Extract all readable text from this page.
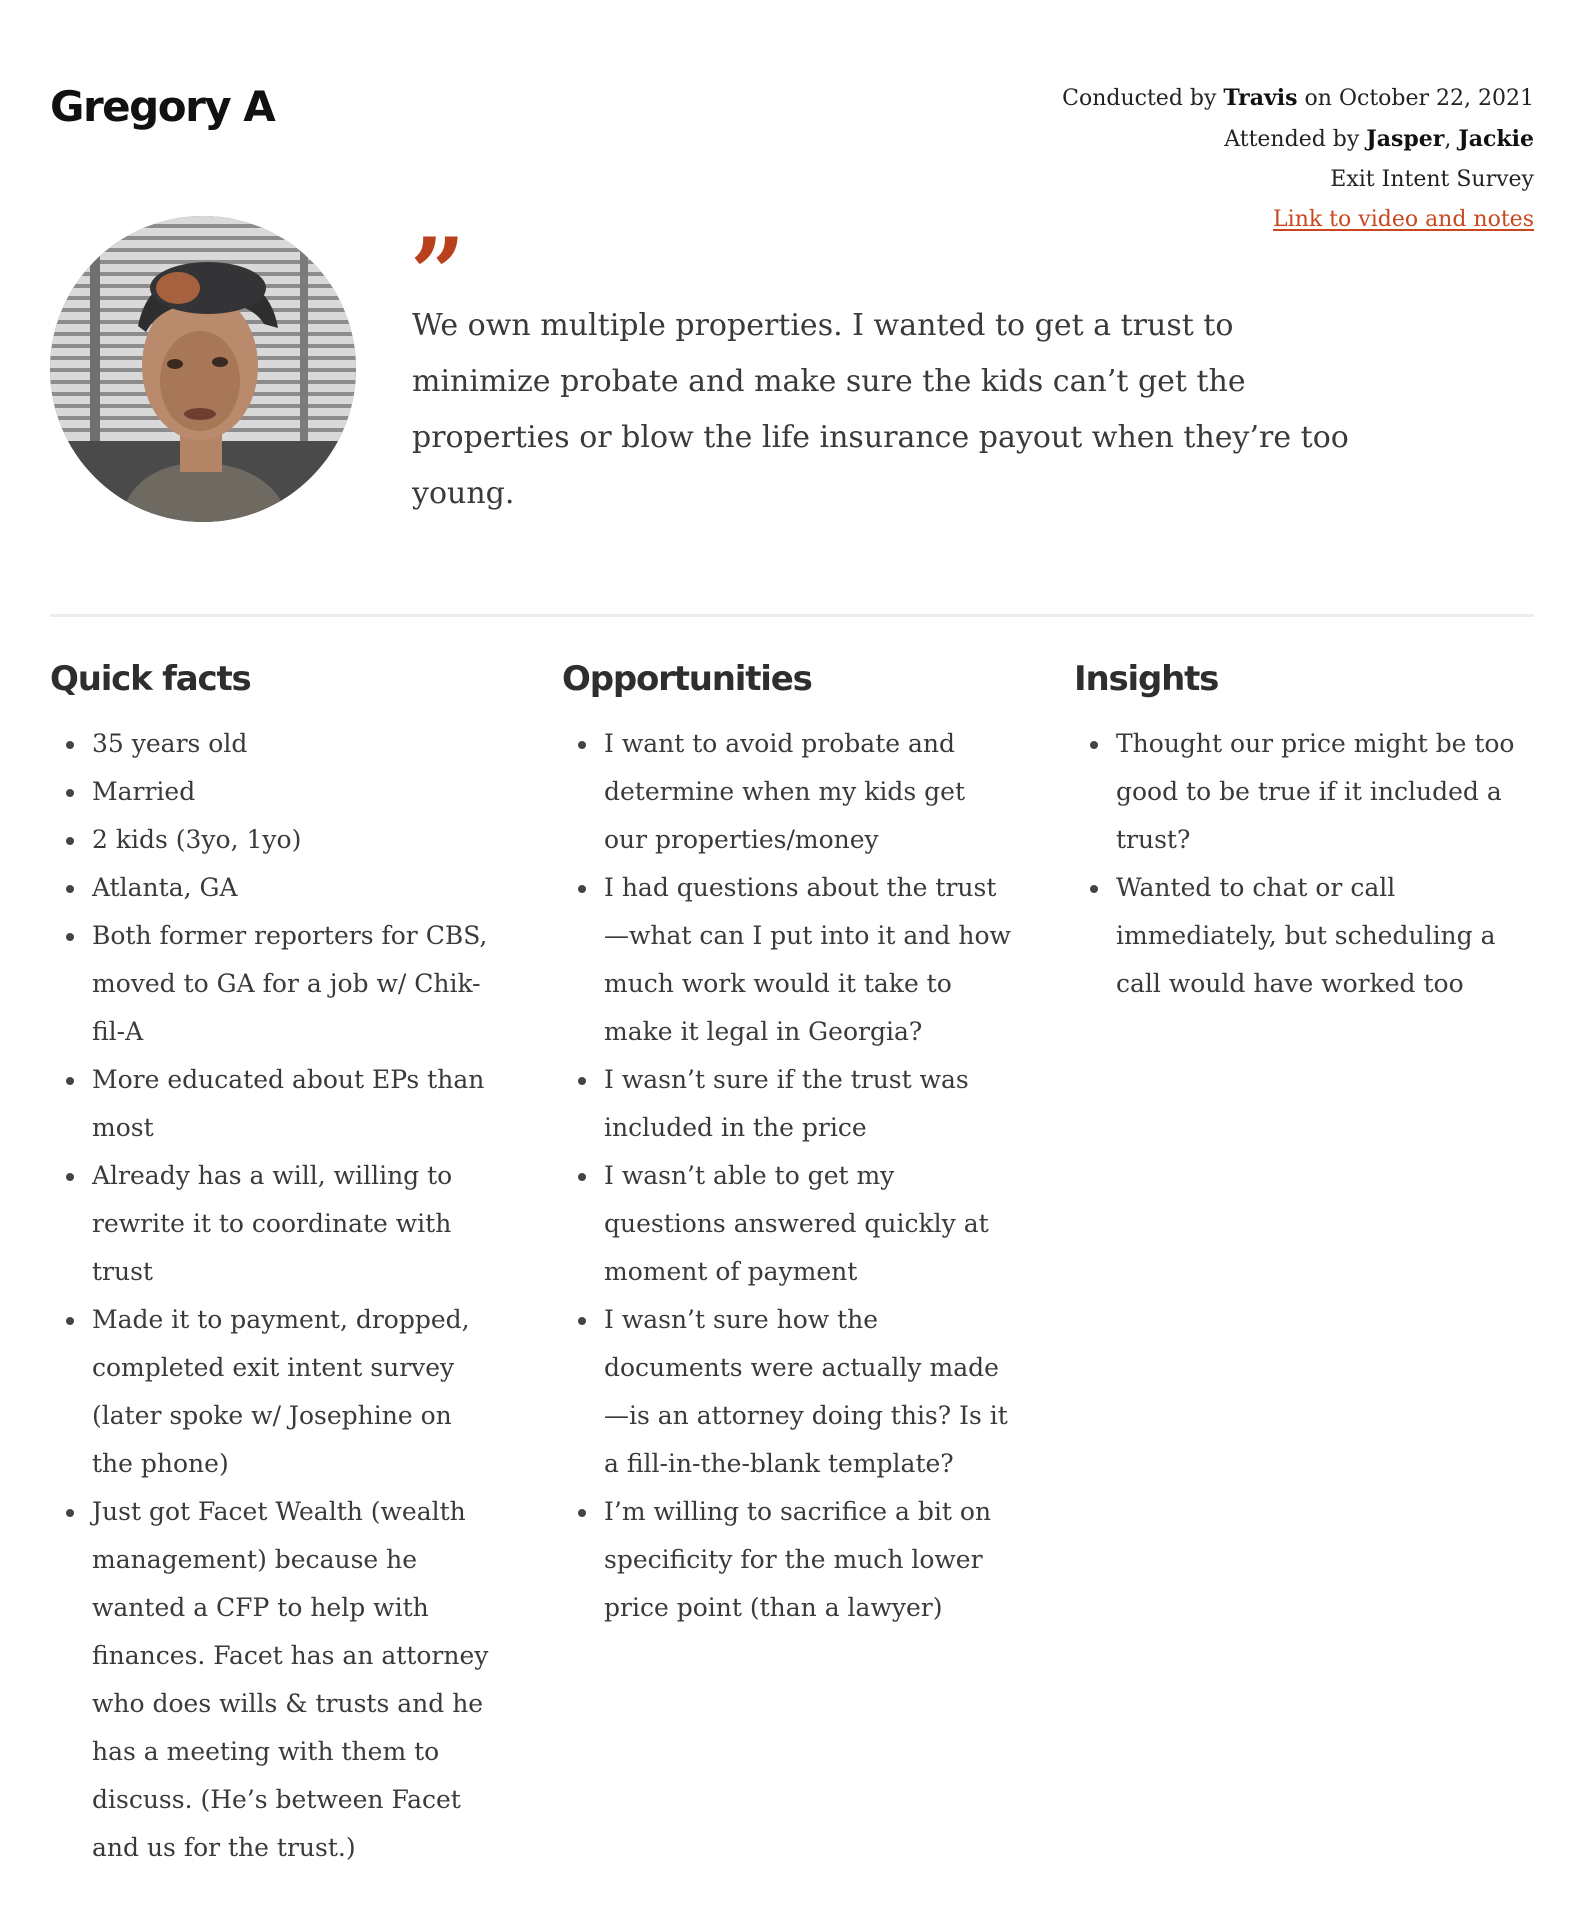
Gregory A	Conducted by Travis on October 22, 2021
Attended by Jasper, Jackie
Exit Intent Survey
Link to video and notes
”

We own multiple properties. I wanted to get a trust to minimize probate and make sure the kids can’t get the properties or blow the life insurance payout when they’re too young.

Quick facts
35 years old
Married
2 kids (3yo, 1yo)
Atlanta, GA
Both former reporters for CBS, moved to GA for a job w/ Chik-fil-A
More educated about EPs than most
Already has a will, willing to rewrite it to coordinate with trust
Made it to payment, dropped, completed exit intent survey (later spoke w/ Josephine on the phone)
Just got Facet Wealth (wealth management) because he wanted a CFP to help with finances. Facet has an attorney who does wills & trusts and he has a meeting with them to discuss. (He’s between Facet and us for the trust.)
Opportunities
I want to avoid probate and determine when my kids get our properties/money
I had questions about the trust —what can I put into it and how much work would it take to make it legal in Georgia?
I wasn’t sure if the trust was included in the price
I wasn’t able to get my questions answered quickly at moment of payment
I wasn’t sure how the documents were actually made —is an attorney doing this? Is it a fill-in-the-blank template?
I’m willing to sacrifice a bit on specificity for the much lower price point (than a lawyer)
Insights
Thought our price might be too good to be true if it included a trust?
Wanted to chat or call immediately, but scheduling a call would have worked too
